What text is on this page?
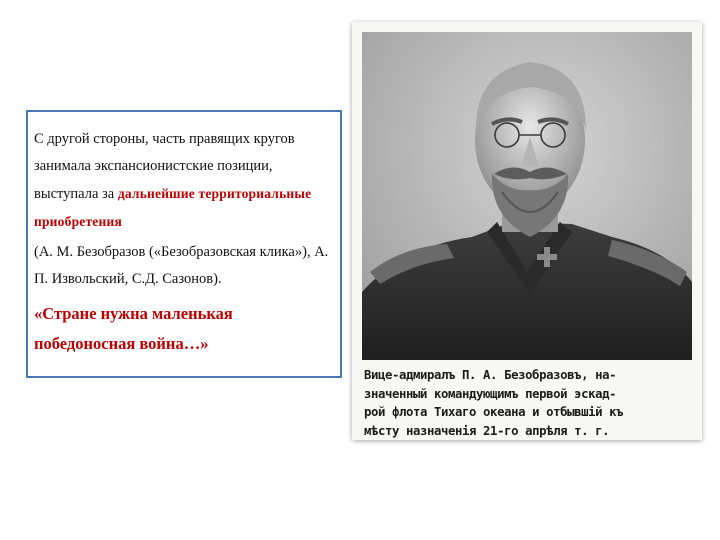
С другой стороны, часть правящих кругов занимала экспансионистские позиции, выступала за дальнейшие территориальные приобретения

(А. М. Безобразов («Безобразовская клика»), А. П. Извольский, С.Д. Сазонов).

«Стране нужна маленькая победоносная война…»

Вице-адмиралъ П. А. Безобразовъ, на-
значенный командующимъ первой эскад-
рой флота Тихаго океана и отбывшій къ
мѣсту назначенія 21-го апрѣля т. г.
